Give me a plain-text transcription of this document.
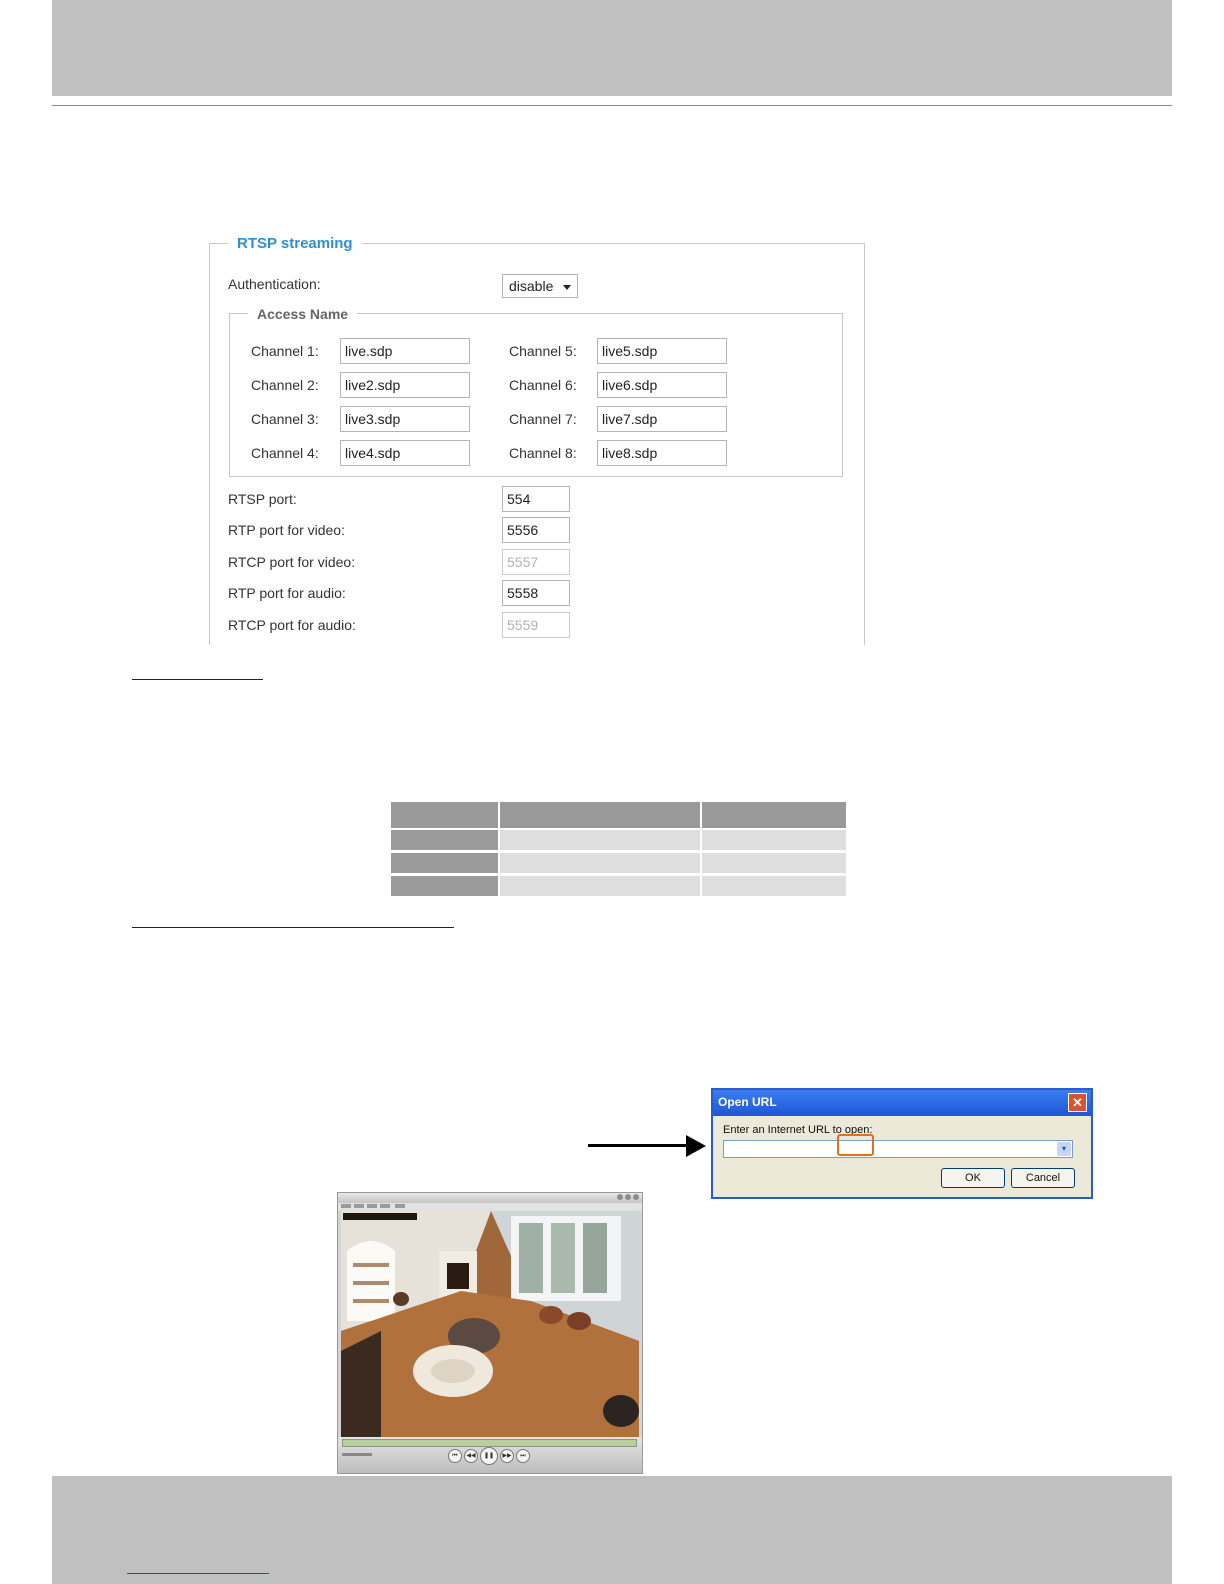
RTSP streaming
Authentication:	disable
Access Name
Channel 1:	live.sdp
Channel 2:	live2.sdp
Channel 3:	live3.sdp
Channel 4:	live4.sdp
Channel 5:	live5.sdp
Channel 6:	live6.sdp
Channel 7:	live7.sdp
Channel 8:	live8.sdp
RTSP port:	554
RTP port for video:	5556
RTCP port for video:	5557
RTP port for audio:	5558
RTCP port for audio:	5559
Open URL	✕
Enter an Internet URL to open:
▾
OK	Cancel
⏮	◀◀	❚❚	▶▶	⏭
